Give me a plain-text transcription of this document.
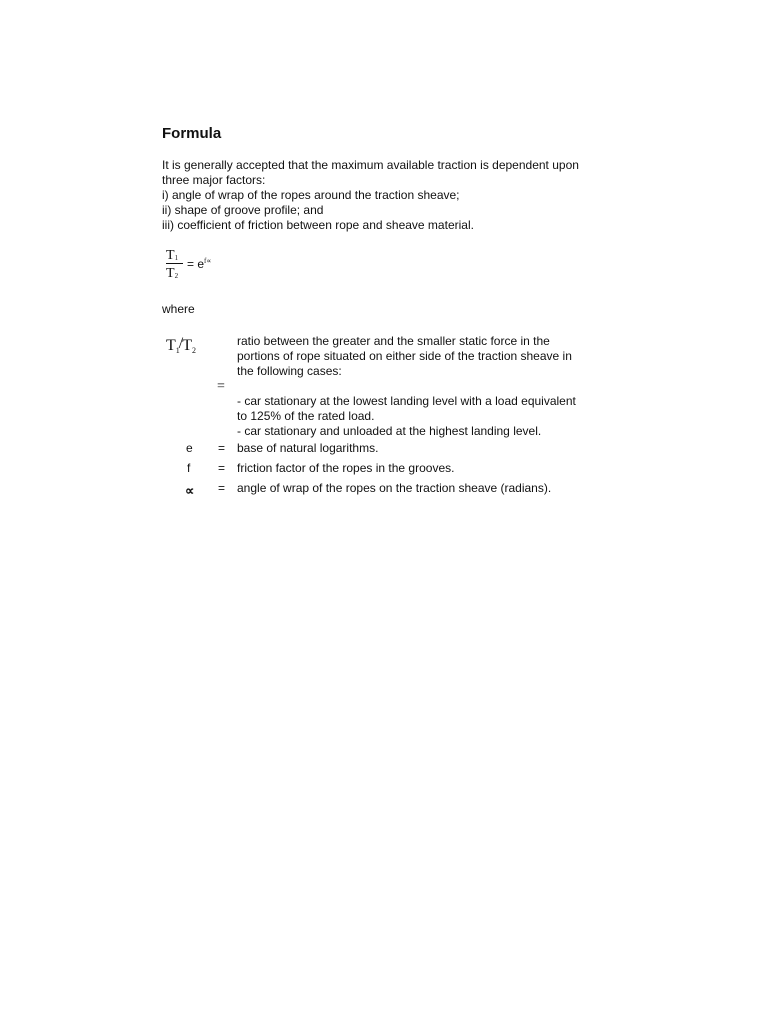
Formula
It is generally accepted that the maximum available traction is dependent upon
three major factors:
i) angle of wrap of the ropes around the traction sheave;
ii) shape of groove profile; and
iii) coefficient of friction between rope and sheave material.
T1
T2
= $e^{f\propto}$
where
T1/T2
=
ratio between the greater and the smaller static force in the
portions of rope situated on either side of the traction sheave in
the following cases:
- car stationary at the lowest landing level with a load equivalent
to 125% of the rated load.
- car stationary and unloaded at the highest landing level.
e = base of natural logarithms.
f = friction factor of the ropes in the grooves.
∝ = angle of wrap of the ropes on the traction sheave (radians).
